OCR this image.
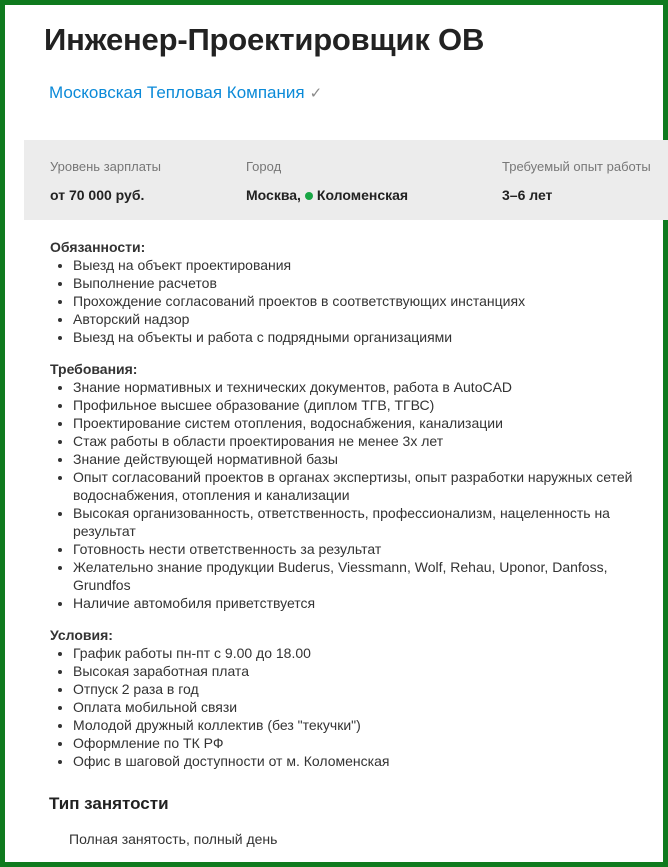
Инженер-Проектировщик ОВ
Московская Тепловая Компания ✓
Уровень зарплаты
от 70 000 руб.
Город
Москва, Коломенская
Требуемый опыт работы
3–6 лет

Обязанности:

• Выезд на объект проектирования
• Выполнение расчетов
• Прохождение согласований проектов в соответствующих инстанциях
• Авторский надзор
• Выезд на объекты и работа с подрядными организациями

Требования:

• Знание нормативных и технических документов, работа в AutoCAD
• Профильное высшее образование (диплом ТГВ, ТГВС)
• Проектирование систем отопления, водоснабжения, канализации
• Стаж работы в области проектирования не менее 3х лет
• Знание действующей нормативной базы
• Опыт согласований проектов в органах экспертизы, опыт разработки наружных сетей водоснабжения, отопления и канализации
• Высокая организованность, ответственность, профессионализм, нацеленность на результат
• Готовность нести ответственность за результат
• Желательно знание продукции Buderus, Viessmann, Wolf, Rehau, Uponor, Danfoss, Grundfos
• Наличие автомобиля приветствуется

Условия:

• График работы пн-пт с 9.00 до 18.00
• Высокая заработная плата
• Отпуск 2 раза в год
• Оплата мобильной связи
• Молодой дружный коллектив (без "текучки")
• Оформление по ТК РФ
• Офис в шаговой доступности от м. Коломенская
Тип занятости
Полная занятость, полный день
